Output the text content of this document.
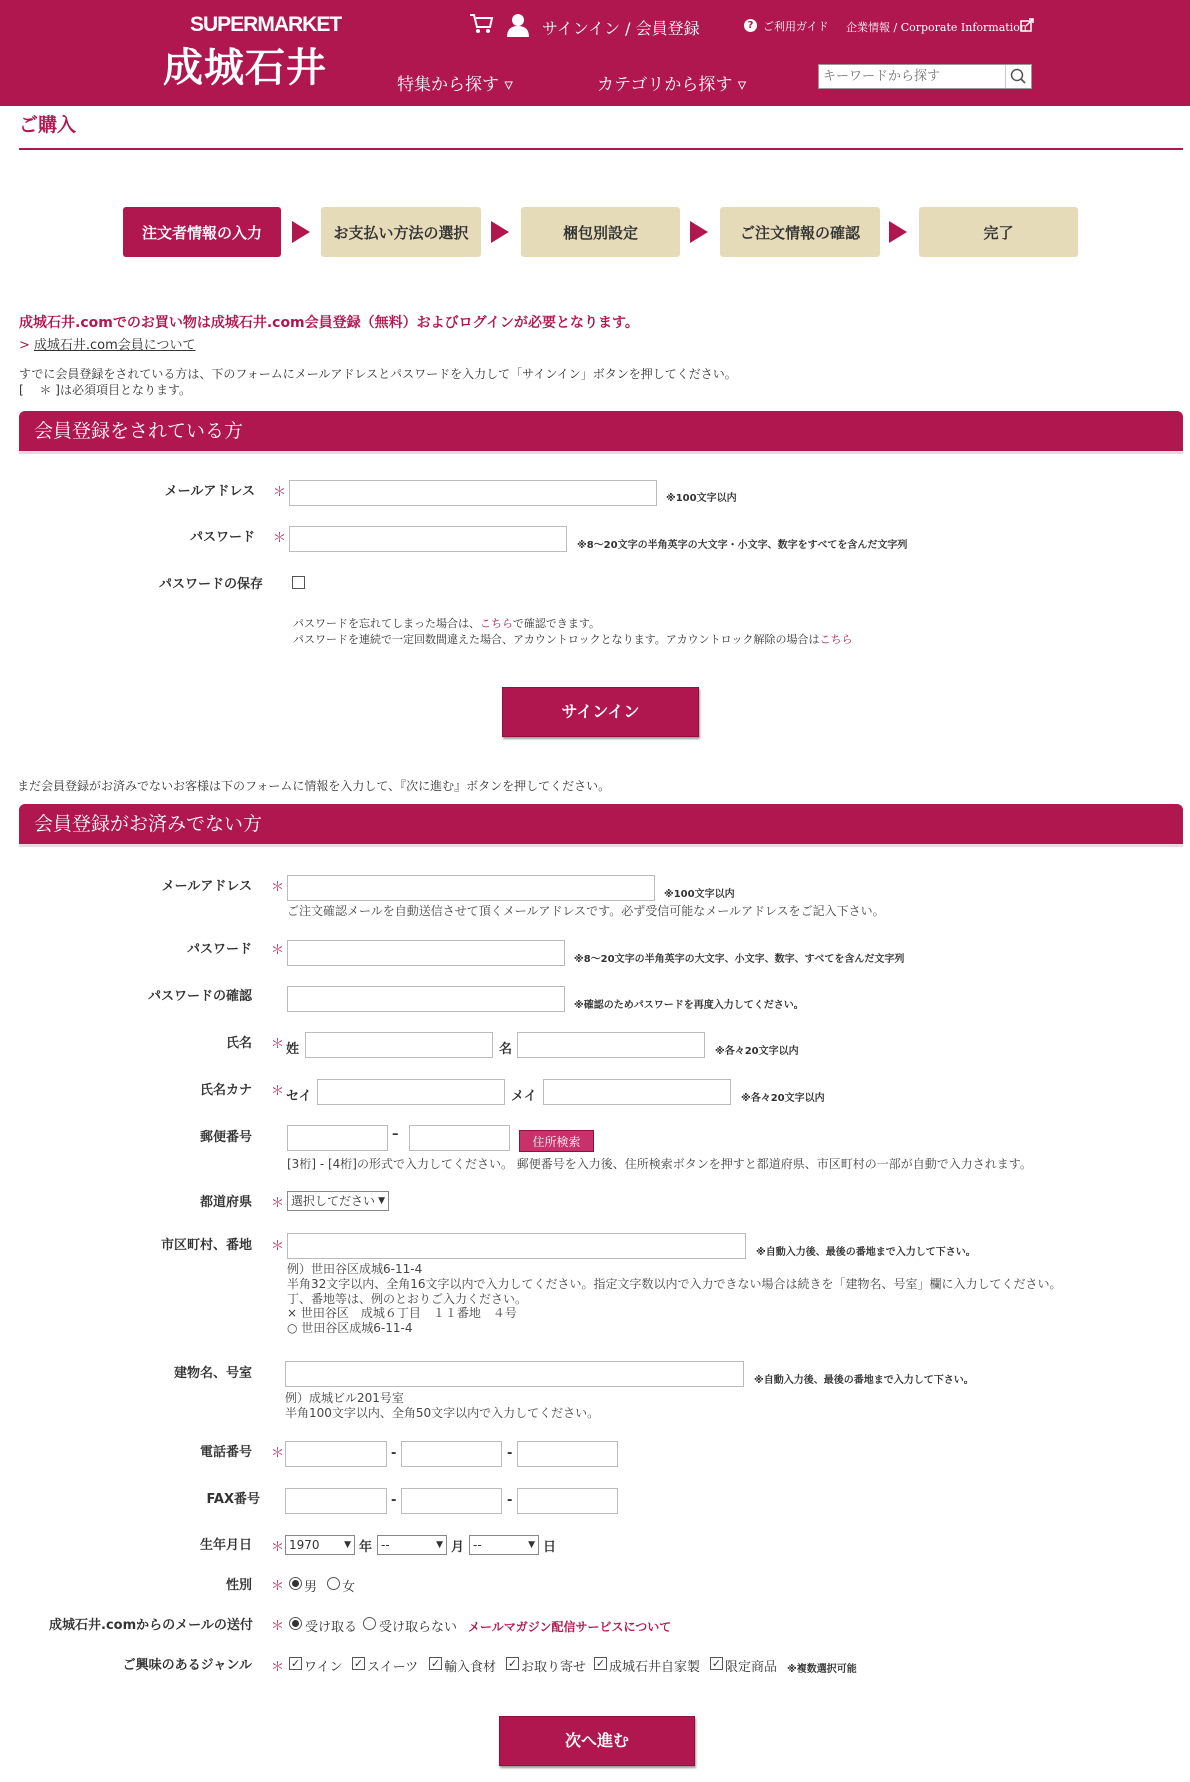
SUPERMARKET
成城石井
サインイン / 会員登録	? ご利用ガイド 企業情報 / Corporate Information
特集から探す ▿	カテゴリから探す ▿
キーワードから探す
ご購入
注文者情報の入力	お支払い方法の選択	梱包別設定	ご注文情報の確認	完了
成城石井.comでのお買い物は成城石井.com会員登録（無料）およびログインが必要となります。
> 成城石井.com会員について
すでに会員登録をされている方は、下のフォームにメールアドレスとパスワードを入力して「サインイン」ボタンを押してください。
[　 ＊ ]は必須項目となります。
会員登録をされている方
メールアドレス ＊	※100文字以内
パスワード ＊	※8～20文字の半角英字の大文字・小文字、数字をすべてを含んだ文字列
パスワードの保存
パスワードを忘れてしまった場合は、こちらで確認できます。
パスワードを連続で一定回数間違えた場合、アカウントロックとなります。アカウントロック解除の場合はこちら
サインイン
まだ会員登録がお済みでないお客様は下のフォームに情報を入力して、『次に進む』ボタンを押してください。
会員登録がお済みでない方
メールアドレス ＊	※100文字以内
ご注文確認メールを自動送信させて頂くメールアドレスです。必ず受信可能なメールアドレスをご記入下さい。
パスワード ＊
※8～20文字の半角英字の大文字、小文字、数字、すべてを含んだ文字列
パスワードの確認
※確認のためパスワードを再度入力してください。
氏名 ＊ 姓	名	※各々20文字以内
氏名カナ ＊ セイ	メイ	※各々20文字以内
郵便番号	–	住所検索
[3桁] - [4桁]の形式で入力してください。 郵便番号を入力後、住所検索ボタンを押すと都道府県、市区町村の一部が自動で入力されます。
都道府県 ＊ 選択してださい ▼
市区町村、番地 ＊	※自動入力後、最後の番地まで入力して下さい。
例）世田谷区成城6-11-4
半角32文字以内、全角16文字以内で入力してください。指定文字数以内で入力できない場合は続きを「建物名、号室」欄に入力してください。
丁、番地等は、例のとおりご入力ください。
× 世田谷区　成城６丁目　１１番地　４号
○ 世田谷区成城6-11-4
建物名、号室	※自動入力後、最後の番地まで入力して下さい。
例）成城ビル201号室
半角100文字以内、全角50文字以内で入力してください。
電話番号 ＊	-	-
FAX番号	-	-
生年月日 ＊ 1970	▼ 年 --	▼ 月 --	▼ 日
性別 ＊ 男 女
成城石井.comからのメールの送付 ＊ 受け取る 受け取らない メールマガジン配信サービスについて
ご興味のあるジャンル ＊ ✓ ワイン ✓ スイーツ ✓ 輸入食材 ✓ お取り寄せ ✓ 成城石井自家製 ✓ 限定商品 ※複数選択可能
次へ進む
